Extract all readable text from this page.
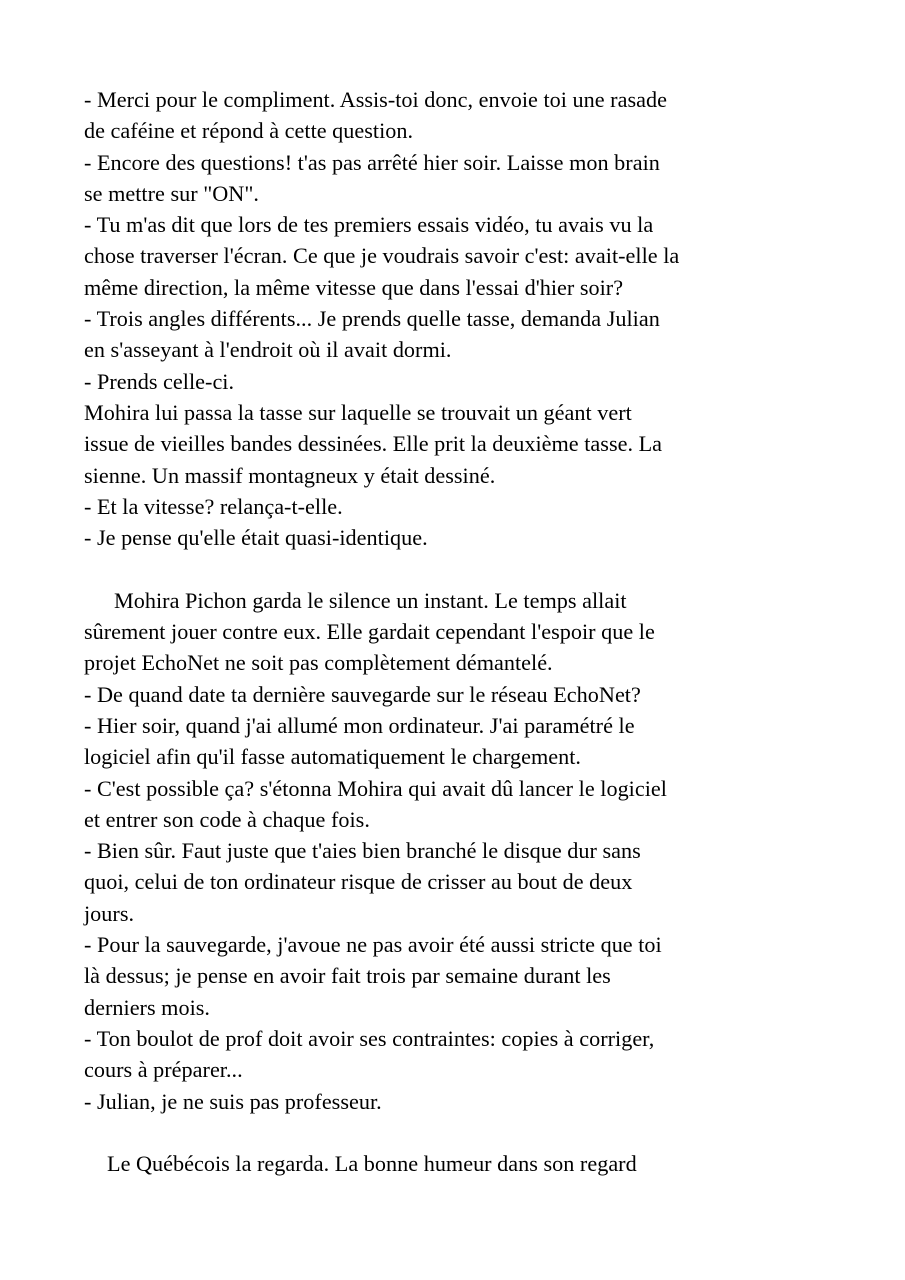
- Merci pour le compliment. Assis-toi donc, envoie toi une rasade
de caféine et répond à cette question.
- Encore des questions! t'as pas arrêté hier soir. Laisse mon brain
se mettre sur "ON".
- Tu m'as dit que lors de tes premiers essais vidéo, tu avais vu la
chose traverser l'écran. Ce que je voudrais savoir c'est: avait-elle la
même direction, la même vitesse que dans l'essai d'hier soir?
- Trois angles différents... Je prends quelle tasse, demanda Julian
en s'asseyant à l'endroit où il avait dormi.
- Prends celle-ci.
Mohira lui passa la tasse sur laquelle se trouvait un géant vert
issue de vieilles bandes dessinées. Elle prit la deuxième tasse. La
sienne. Un massif montagneux y était dessiné.
- Et la vitesse? relança-t-elle.
- Je pense qu'elle était quasi-identique.

Mohira Pichon garda le silence un instant. Le temps allait
sûrement jouer contre eux. Elle gardait cependant l'espoir que le
projet EchoNet ne soit pas complètement démantelé.
- De quand date ta dernière sauvegarde sur le réseau EchoNet?
- Hier soir, quand j'ai allumé mon ordinateur. J'ai paramétré le
logiciel afin qu'il fasse automatiquement le chargement.
- C'est possible ça? s'étonna Mohira qui avait dû lancer le logiciel
et entrer son code à chaque fois.
- Bien sûr. Faut juste que t'aies bien branché le disque dur sans
quoi, celui de ton ordinateur risque de crisser au bout de deux
jours.
- Pour la sauvegarde, j'avoue ne pas avoir été aussi stricte que toi
là dessus; je pense en avoir fait trois par semaine durant les
derniers mois.
- Ton boulot de prof doit avoir ses contraintes: copies à corriger,
cours à préparer...
- Julian, je ne suis pas professeur.

Le Québécois la regarda. La bonne humeur dans son regard
